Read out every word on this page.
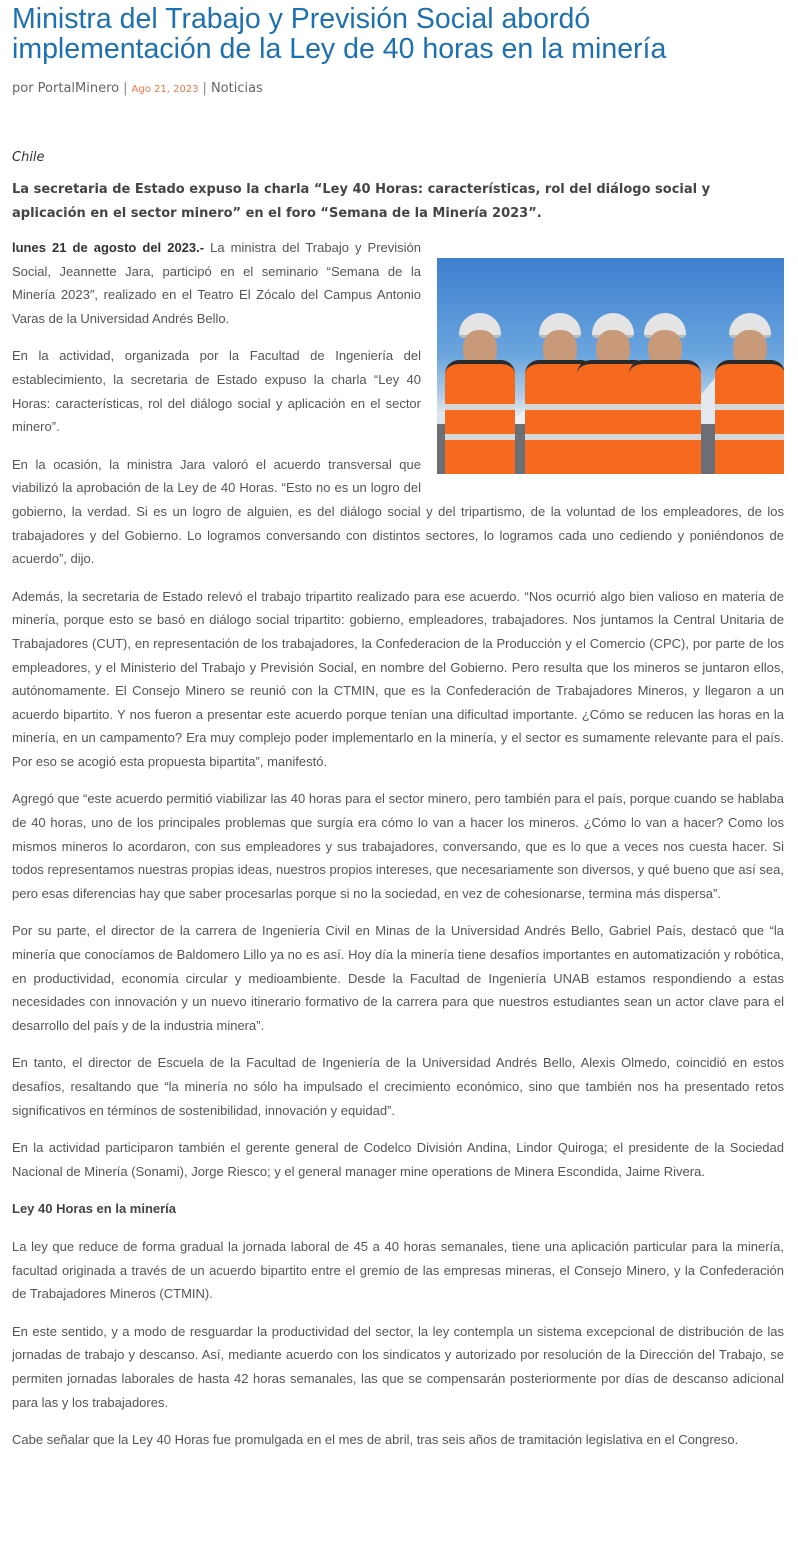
Ministra del Trabajo y Previsión Social abordó implementación de la Ley de 40 horas en la minería
por PortalMinero | Ago 21, 2023 | Noticias
Chile

La secretaria de Estado expuso la charla “Ley 40 Horas: características, rol del diálogo social y aplicación en el sector minero” en el foro “Semana de la Minería 2023”.

lunes 21 de agosto del 2023.- La ministra del Trabajo y Previsión Social, Jeannette Jara, participó en el seminario “Semana de la Minería 2023″, realizado en el Teatro El Zócalo del Campus Antonio Varas de la Universidad Andrés Bello.

En la actividad, organizada por la Facultad de Ingeniería del establecimiento, la secretaria de Estado expuso la charla “Ley 40 Horas: características, rol del diálogo social y aplicación en el sector minero”.

En la ocasión, la ministra Jara valoró el acuerdo transversal que viabilizó la aprobación de la Ley de 40 Horas. “Esto no es un logro del gobierno, la verdad. Si es un logro de alguien, es del diálogo social y del tripartismo, de la voluntad de los empleadores, de los trabajadores y del Gobierno. Lo logramos conversando con distintos sectores, lo logramos cada uno cediendo y poniéndonos de acuerdo”, dijo.

Además, la secretaria de Estado relevó el trabajo tripartito realizado para ese acuerdo. “Nos ocurrió algo bien valioso en materia de minería, porque esto se basó en diálogo social tripartito: gobierno, empleadores, trabajadores. Nos juntamos la Central Unitaria de Trabajadores (CUT), en representación de los trabajadores, la Confederacion de la Producción y el Comercio (CPC), por parte de los empleadores, y el Ministerio del Trabajo y Previsión Social, en nombre del Gobierno. Pero resulta que los mineros se juntaron ellos, autónomamente. El Consejo Minero se reunió con la CTMIN, que es la Confederación de Trabajadores Mineros, y llegaron a un acuerdo bipartito. Y nos fueron a presentar este acuerdo porque tenían una dificultad importante. ¿Cómo se reducen las horas en la minería, en un campamento? Era muy complejo poder implementarlo en la minería, y el sector es sumamente relevante para el país. Por eso se acogió esta propuesta bipartita”, manifestó.

Agregó que “este acuerdo permitió viabilizar las 40 horas para el sector minero, pero también para el país, porque cuando se hablaba de 40 horas, uno de los principales problemas que surgía era cómo lo van a hacer los mineros. ¿Cómo lo van a hacer? Como los mismos mineros lo acordaron, con sus empleadores y sus trabajadores, conversando, que es lo que a veces nos cuesta hacer. Si todos representamos nuestras propias ideas, nuestros propios intereses, que necesariamente son diversos, y qué bueno que así sea, pero esas diferencias hay que saber procesarlas porque si no la sociedad, en vez de cohesionarse, termina más dispersa”.

Por su parte, el director de la carrera de Ingeniería Civil en Minas de la Universidad Andrés Bello, Gabriel País, destacó que “la minería que conocíamos de Baldomero Lillo ya no es así. Hoy día la minería tiene desafíos importantes en automatización y robótica, en productividad, economía circular y medioambiente. Desde la Facultad de Ingeniería UNAB estamos respondiendo a estas necesidades con innovación y un nuevo itinerario formativo de la carrera para que nuestros estudiantes sean un actor clave para el desarrollo del país y de la industria minera”.

En tanto, el director de Escuela de la Facultad de Ingeniería de la Universidad Andrés Bello, Alexis Olmedo, coincidió en estos desafíos, resaltando que “la minería no sólo ha impulsado el crecimiento económico, sino que también nos ha presentado retos significativos en términos de sostenibilidad, innovación y equidad”.

En la actividad participaron también el gerente general de Codelco División Andina, Lindor Quiroga; el presidente de la Sociedad Nacional de Minería (Sonami), Jorge Riesco; y el general manager mine operations de Minera Escondida, Jaime Rivera.

Ley 40 Horas en la minería

La ley que reduce de forma gradual la jornada laboral de 45 a 40 horas semanales, tiene una aplicación particular para la minería, facultad originada a través de un acuerdo bipartito entre el gremio de las empresas mineras, el Consejo Minero, y la Confederación de Trabajadores Mineros (CTMIN).

En este sentido, y a modo de resguardar la productividad del sector, la ley contempla un sistema excepcional de distribución de las jornadas de trabajo y descanso. Así, mediante acuerdo con los sindicatos y autorizado por resolución de la Dirección del Trabajo, se permiten jornadas laborales de hasta 42 horas semanales, las que se compensarán posteriormente por días de descanso adicional para las y los trabajadores.

Cabe señalar que la Ley 40 Horas fue promulgada en el mes de abril, tras seis años de tramitación legislativa en el Congreso.
